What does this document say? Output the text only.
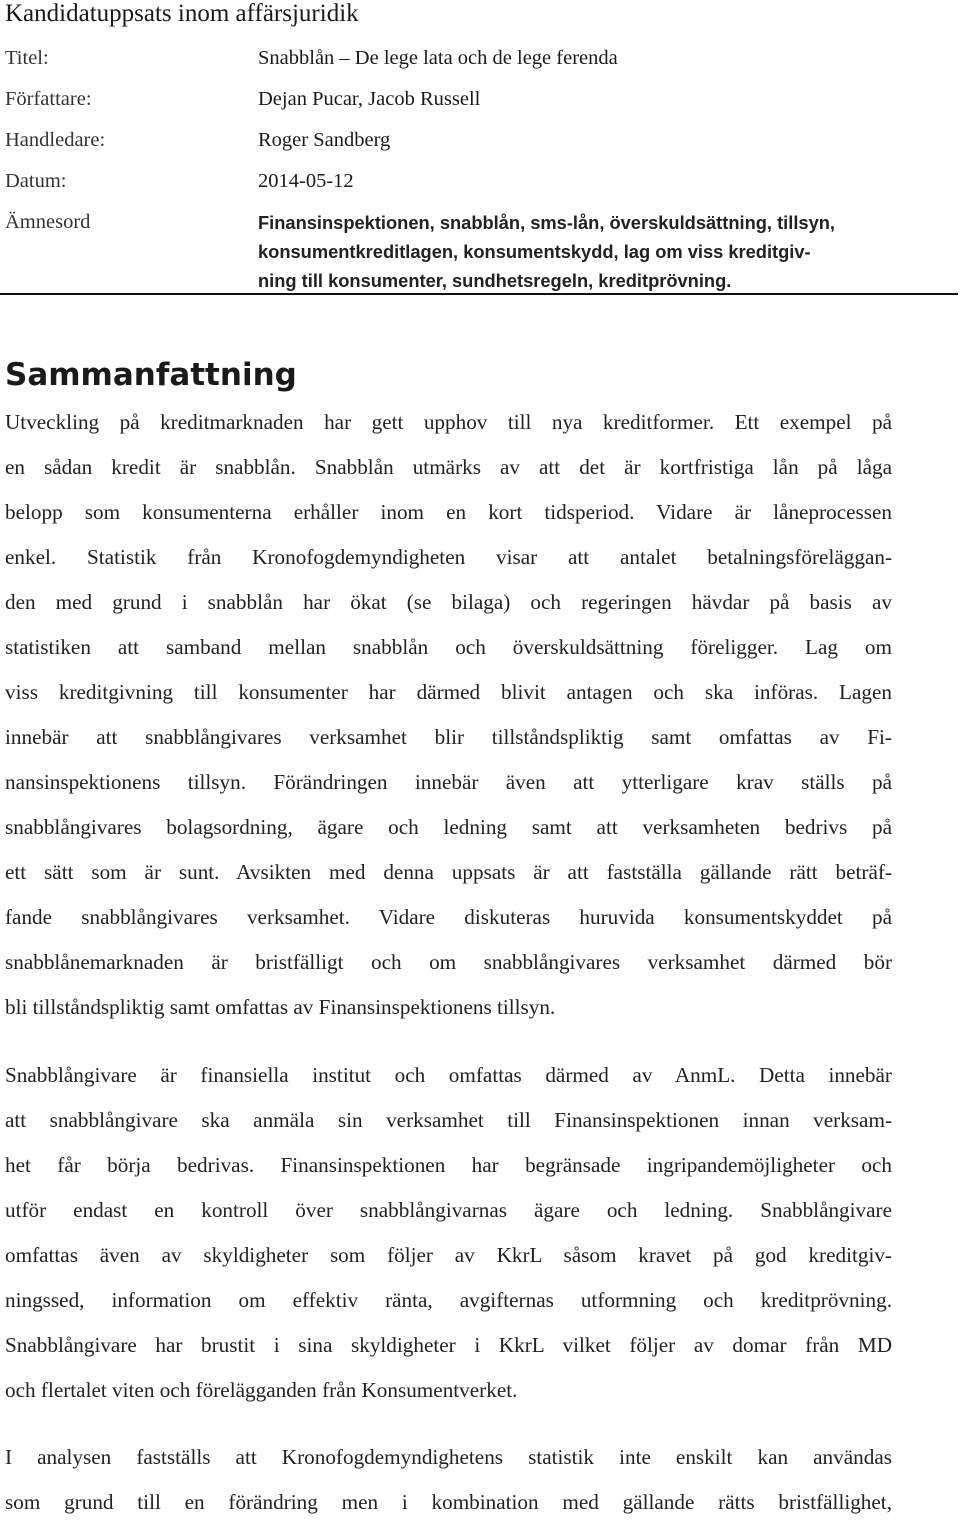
Kandidatuppsats inom affärsjuridik
Titel:	Snabblån – De lege lata och de lege ferenda
Författare:	Dejan Pucar, Jacob Russell
Handledare:	Roger Sandberg
Datum:	2014-05-12
Ämnesord	Finansinspektionen, snabblån, sms-lån, överskuldsättning, tillsyn,
konsumentkreditlagen, konsumentskydd, lag om viss kreditgiv-
ning till konsumenter, sundhetsregeln, kreditprövning.
Sammanfattning
Utveckling på kreditmarknaden har gett upphov till nya kreditformer. Ett exempel på
en sådan kredit är snabblån. Snabblån utmärks av att det är kortfristiga lån på låga
belopp som konsumenterna erhåller inom en kort tidsperiod. Vidare är låneprocessen
enkel. Statistik från Kronofogdemyndigheten visar att antalet betalningsföreläggan-
den med grund i snabblån har ökat (se bilaga) och regeringen hävdar på basis av
statistiken att samband mellan snabblån och överskuldsättning föreligger. Lag om
viss kreditgivning till konsumenter har därmed blivit antagen och ska införas. Lagen
innebär att snabblångivares verksamhet blir tillståndspliktig samt omfattas av Fi-
nansinspektionens tillsyn. Förändringen innebär även att ytterligare krav ställs på
snabblångivares bolagsordning, ägare och ledning samt att verksamheten bedrivs på
ett sätt som är sunt. Avsikten med denna uppsats är att fastställa gällande rätt beträf-
fande snabblångivares verksamhet. Vidare diskuteras huruvida konsumentskyddet på
snabblånemarknaden är bristfälligt och om snabblångivares verksamhet därmed bör
bli tillståndspliktig samt omfattas av Finansinspektionens tillsyn.
Snabblångivare är finansiella institut och omfattas därmed av AnmL. Detta innebär
att snabblångivare ska anmäla sin verksamhet till Finansinspektionen innan verksam-
het får börja bedrivas. Finansinspektionen har begränsade ingripandemöjligheter och
utför endast en kontroll över snabblångivarnas ägare och ledning. Snabblångivare
omfattas även av skyldigheter som följer av KkrL såsom kravet på god kreditgiv-
ningssed, information om effektiv ränta, avgifternas utformning och kreditprövning.
Snabblångivare har brustit i sina skyldigheter i KkrL vilket följer av domar från MD
och flertalet viten och förelägganden från Konsumentverket.
I analysen fastställs att Kronofogdemyndighetens statistik inte enskilt kan användas
som grund till en förändring men i kombination med gällande rätts bristfällighet,
